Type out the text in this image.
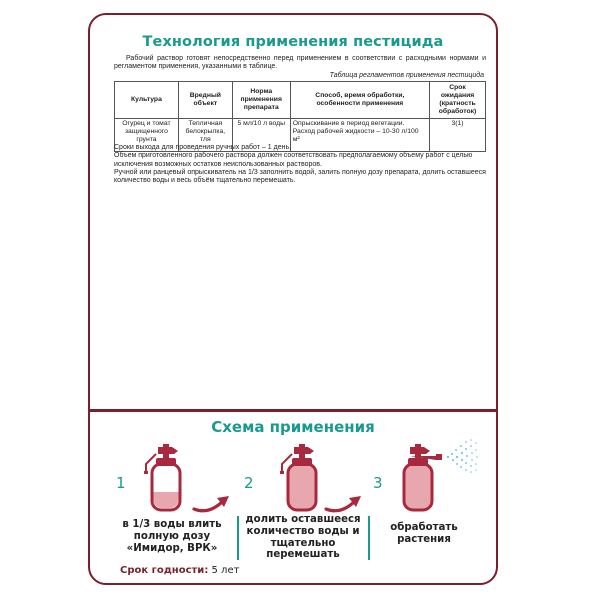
Технология применения пестицида
Рабочий раствор готовят непосредственно перед применением в соответствии с расходными нормами и регламентом применения, указанными в таблице.
Таблица регламентов применения пестицида
Культура	Вредный объект	Норма применения препарата	Способ, время обработки, особенности применения	Срок ожидания (кратность обработок)
Огурец и томат защищенного грунта	Тепличная белокрылка, тля	5 мл/10 л воды	Опрыскивание в период вегетации. Расход рабочей жидкости – 10-30 л/100 м²	3(1)

Сроки выхода для проведения ручных работ – 1 день.

Объем приготовленного рабочего раствора должен соответствовать предполагаемому объему работ с целью исключения возможных остатков неиспользованных растворов.

Ручной или ранцевый опрыскиватель на 1/3 заполнить водой, залить полную дозу препарата, долить оставшееся количество воды и весь объём тщательно перемешать.

Схема применения
1	2	3
в 1/3 воды влить полную дозу «Имидор, ВРК»
долить оставшееся количество воды и тщательно перемешать
обработать растения
Срок годности: 5 лет
